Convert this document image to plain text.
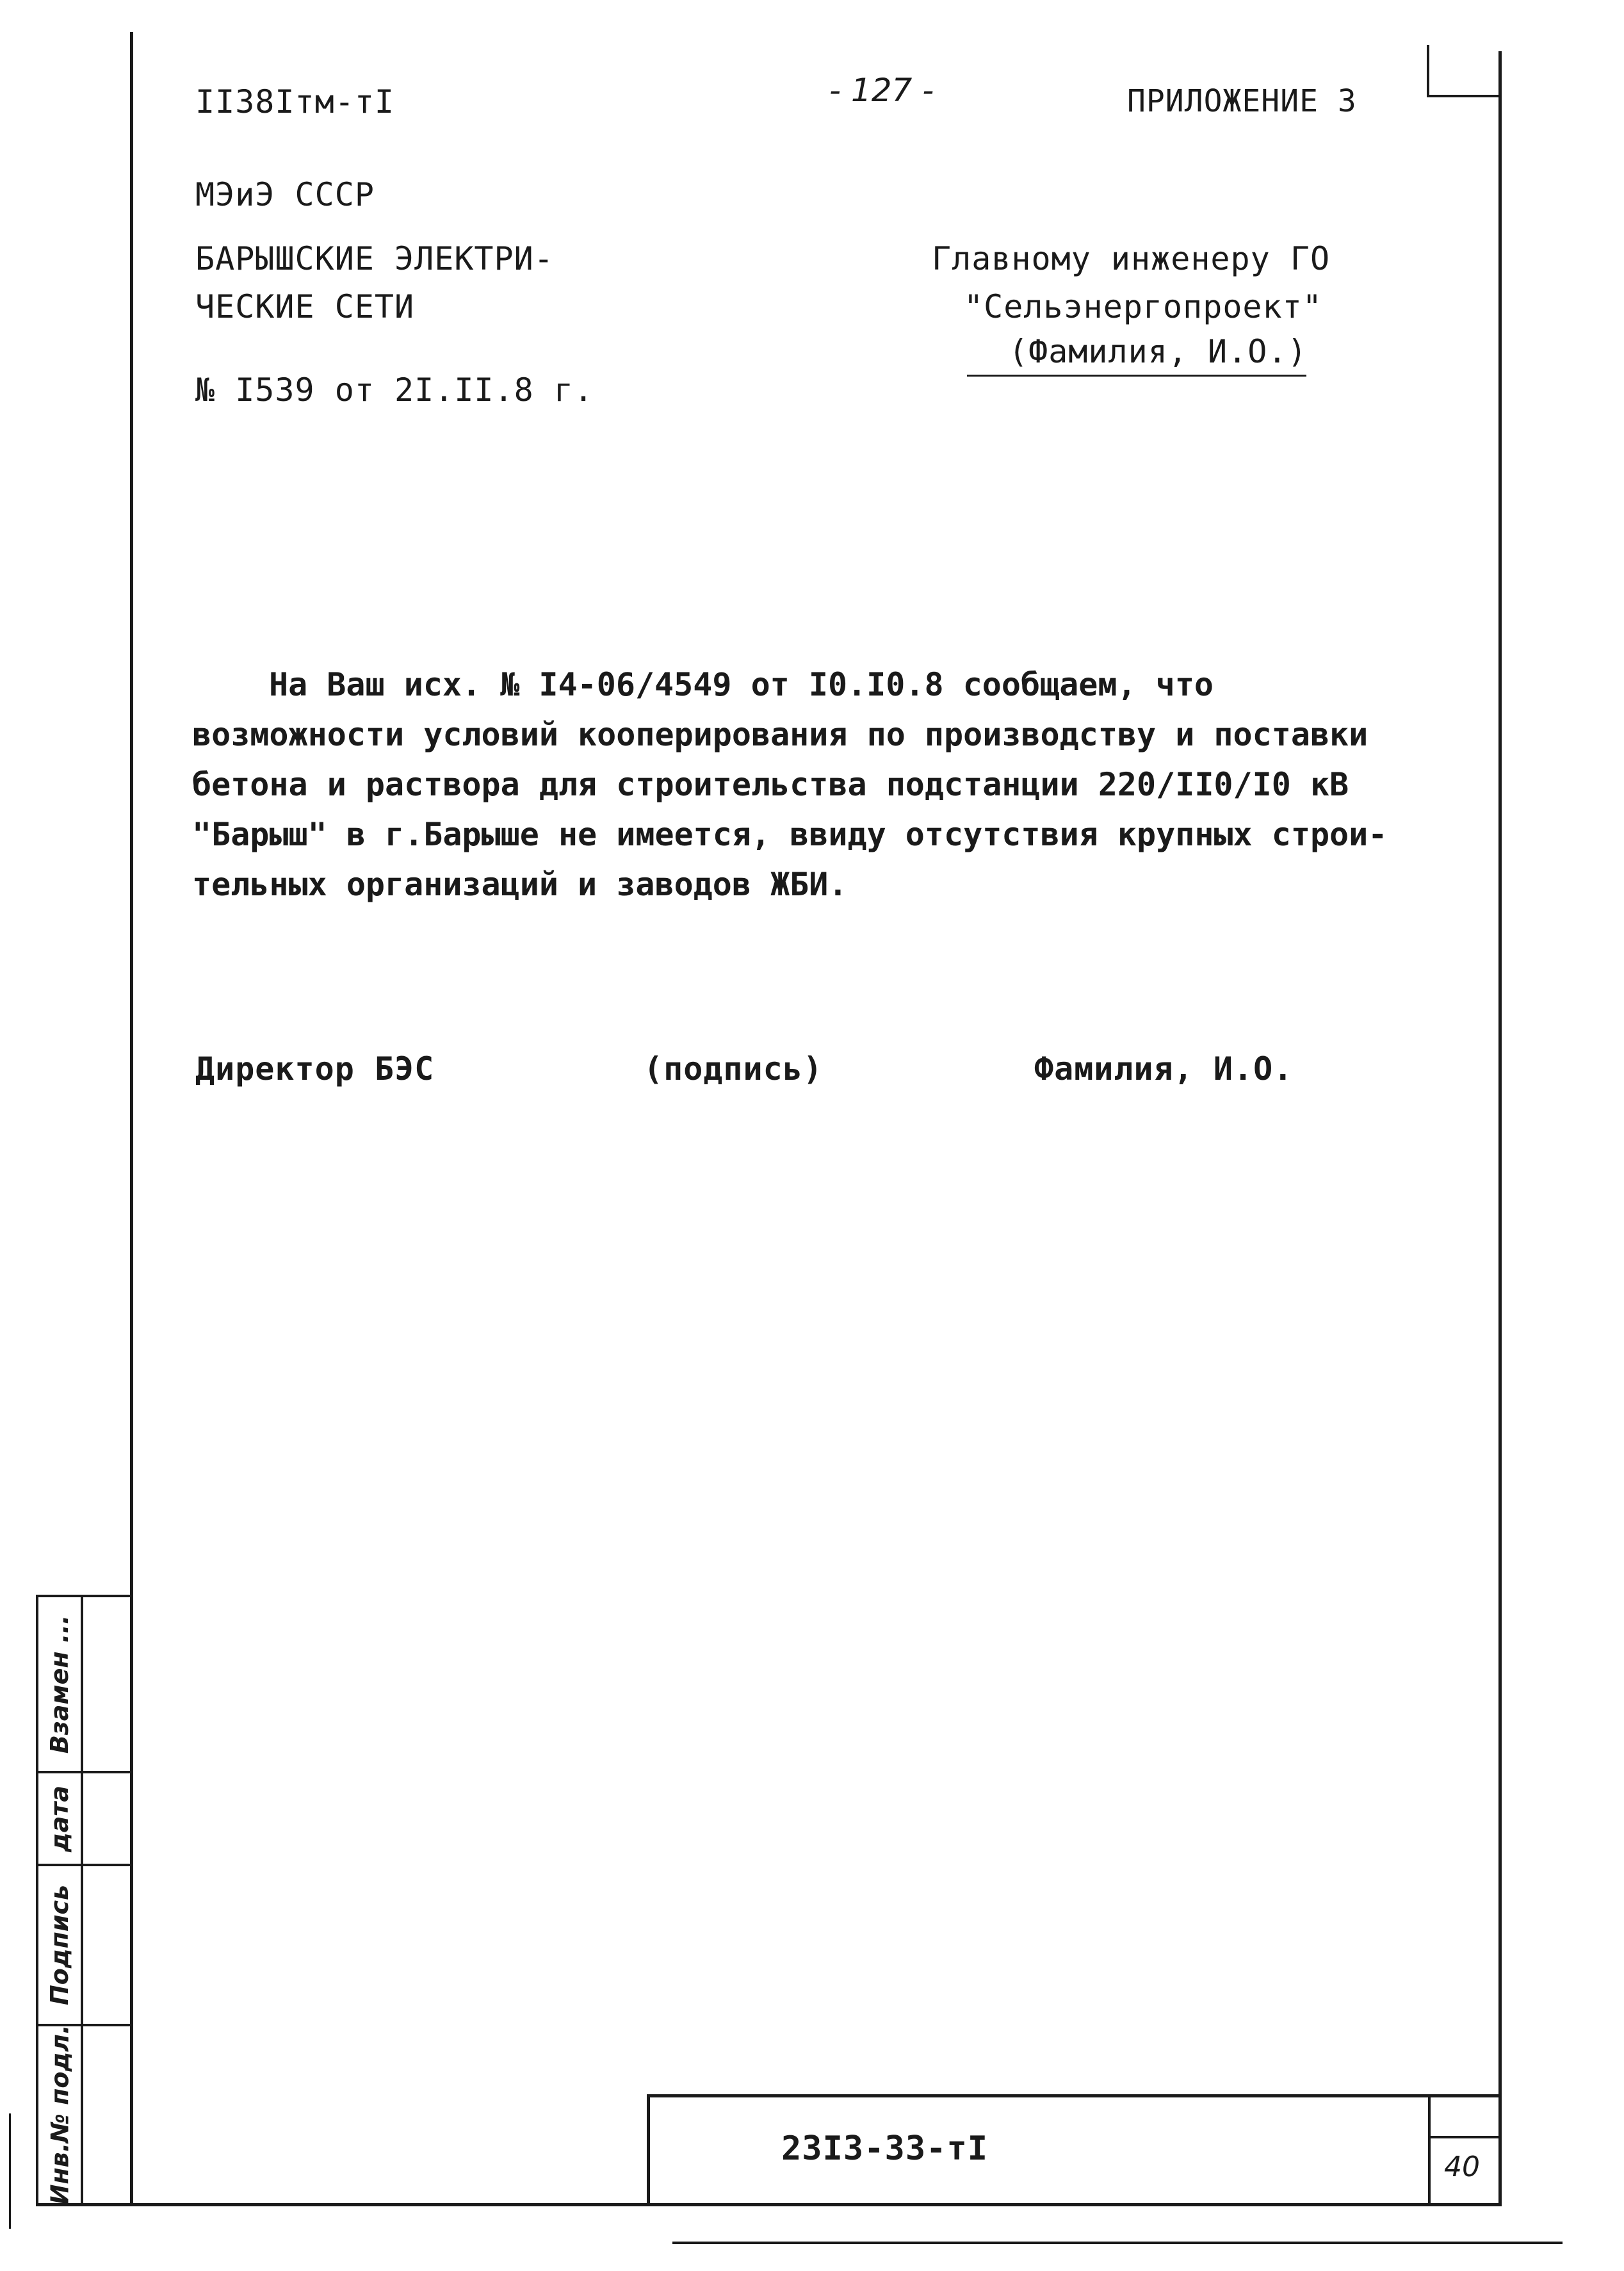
II38Iтм-тI	- 127 -	ПРИЛОЖЕНИЕ 3
МЭиЭ СССР
БАРЫШСКИЕ ЭЛЕКТРИ-
ЧЕСКИЕ СЕТИ
№ I539 от 2I.II.8 г.
Главному инженеру ГО
"Сельэнергопроект"
(Фамилия, И.О.)

На Ваш исх. № I4-06/4549 от I0.I0.8 сообщаем, что

возможности условий кооперирования по производству и поставки

бетона и раствора для строительства подстанции 220/II0/I0 кВ

"Барыш" в г.Барыше не имеется, ввиду отсутствия крупных строи-

тельных организаций и заводов ЖБИ.

Директор БЭС	(подпись)	Фамилия, И.О.
23I3-33-тI	40
Инв.№ подл.
Подпись
дата
Взамен ...
